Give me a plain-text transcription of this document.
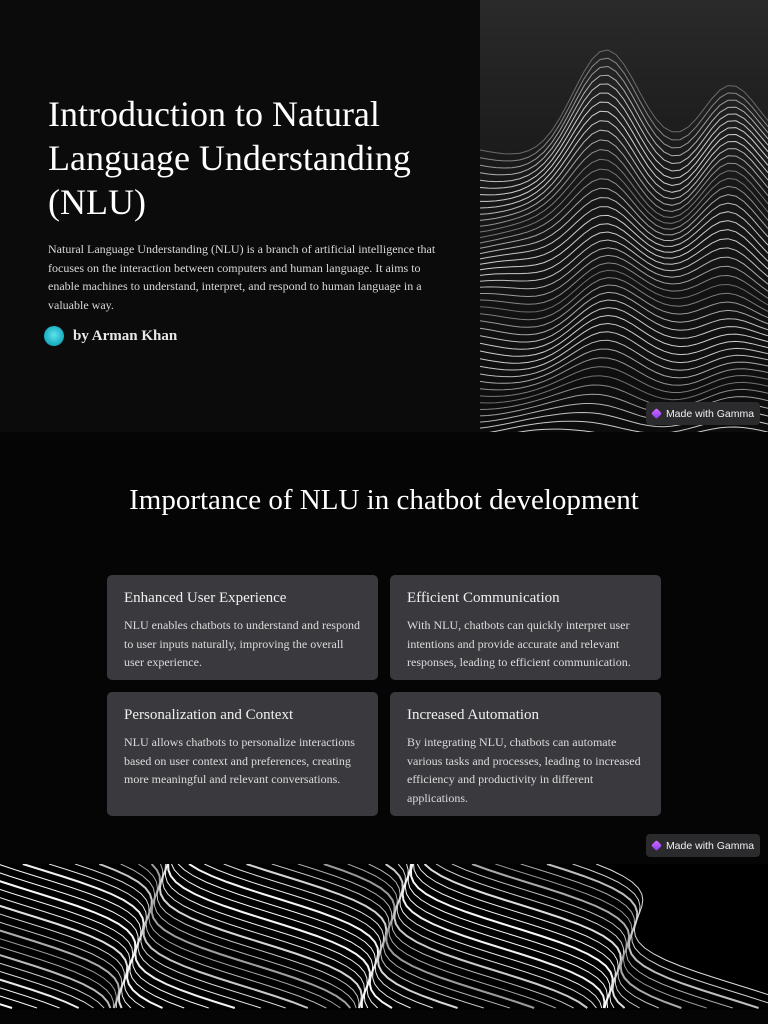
Introduction to Natural Language Understanding (NLU)

Natural Language Understanding (NLU) is a branch of artificial intelligence that focuses on the interaction between computers and human language. It aims to enable machines to understand, interpret, and respond to human language in a valuable way.

by Arman Khan
Made with Gamma
Importance of NLU in chatbot development
Enhanced User Experience

NLU enables chatbots to understand and respond to user inputs naturally, improving the overall user experience.

Efficient Communication

With NLU, chatbots can quickly interpret user intentions and provide accurate and relevant responses, leading to efficient communication.

Personalization and Context

NLU allows chatbots to personalize interactions based on user context and preferences, creating more meaningful and relevant conversations.

Increased Automation

By integrating NLU, chatbots can automate various tasks and processes, leading to increased efficiency and productivity in different applications.

Made with Gamma
